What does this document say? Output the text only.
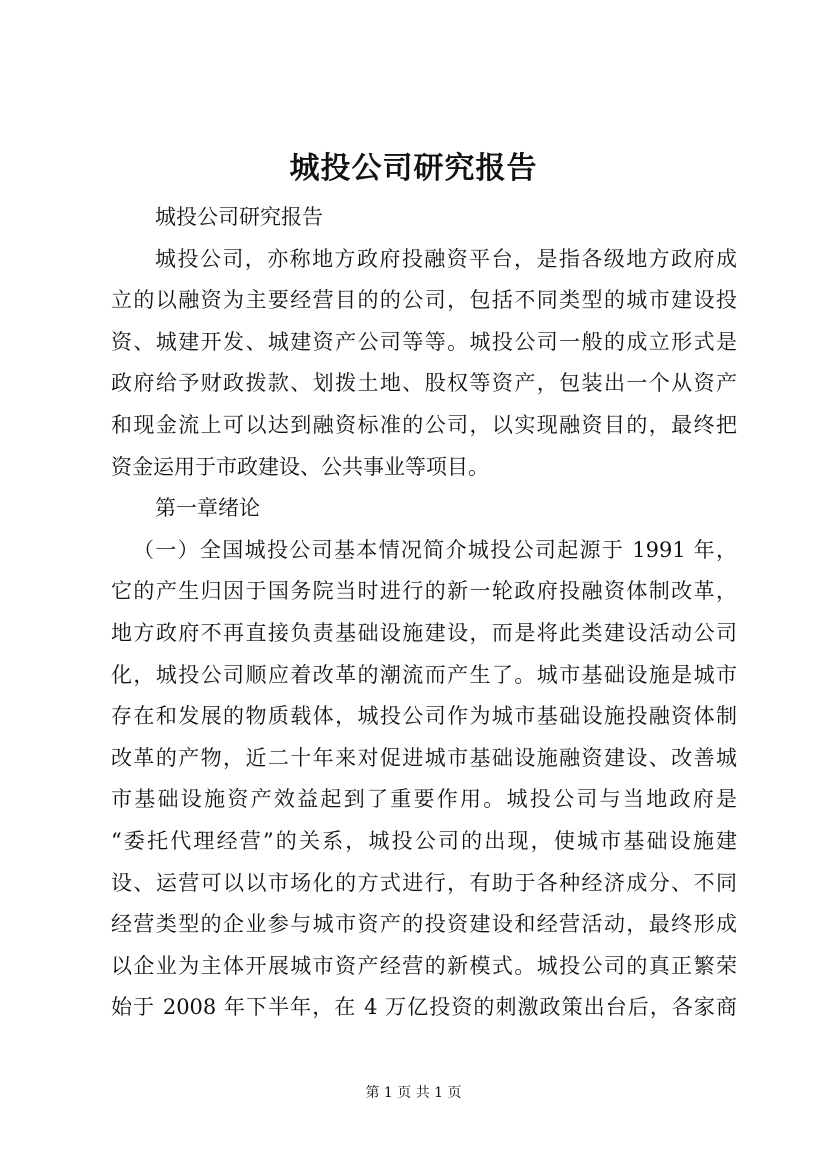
城投公司研究报告
城投公司研究报告
城投公司，亦称地方政府投融资平台，是指各级地方政府成
立的以融资为主要经营目的的公司，包括不同类型的城市建设投
资、城建开发、城建资产公司等等。城投公司一般的成立形式是
政府给予财政拨款、划拨土地、股权等资产，包装出一个从资产
和现金流上可以达到融资标准的公司，以实现融资目的，最终把
资金运用于市政建设、公共事业等项目。
第一章绪论
（一）全国城投公司基本情况简介城投公司起源于 1991 年，
它的产生归因于国务院当时进行的新一轮政府投融资体制改革，
地方政府不再直接负责基础设施建设，而是将此类建设活动公司
化，城投公司顺应着改革的潮流而产生了。城市基础设施是城市
存在和发展的物质载体，城投公司作为城市基础设施投融资体制
改革的产物，近二十年来对促进城市基础设施融资建设、改善城
市基础设施资产效益起到了重要作用。城投公司与当地政府是
“委托代理经营”的关系，城投公司的出现，使城市基础设施建
设、运营可以以市场化的方式进行，有助于各种经济成分、不同
经营类型的企业参与城市资产的投资建设和经营活动，最终形成
以企业为主体开展城市资产经营的新模式。城投公司的真正繁荣
始于 2008 年下半年，在 4 万亿投资的刺激政策出台后，各家商
第 1 页 共 1 页
